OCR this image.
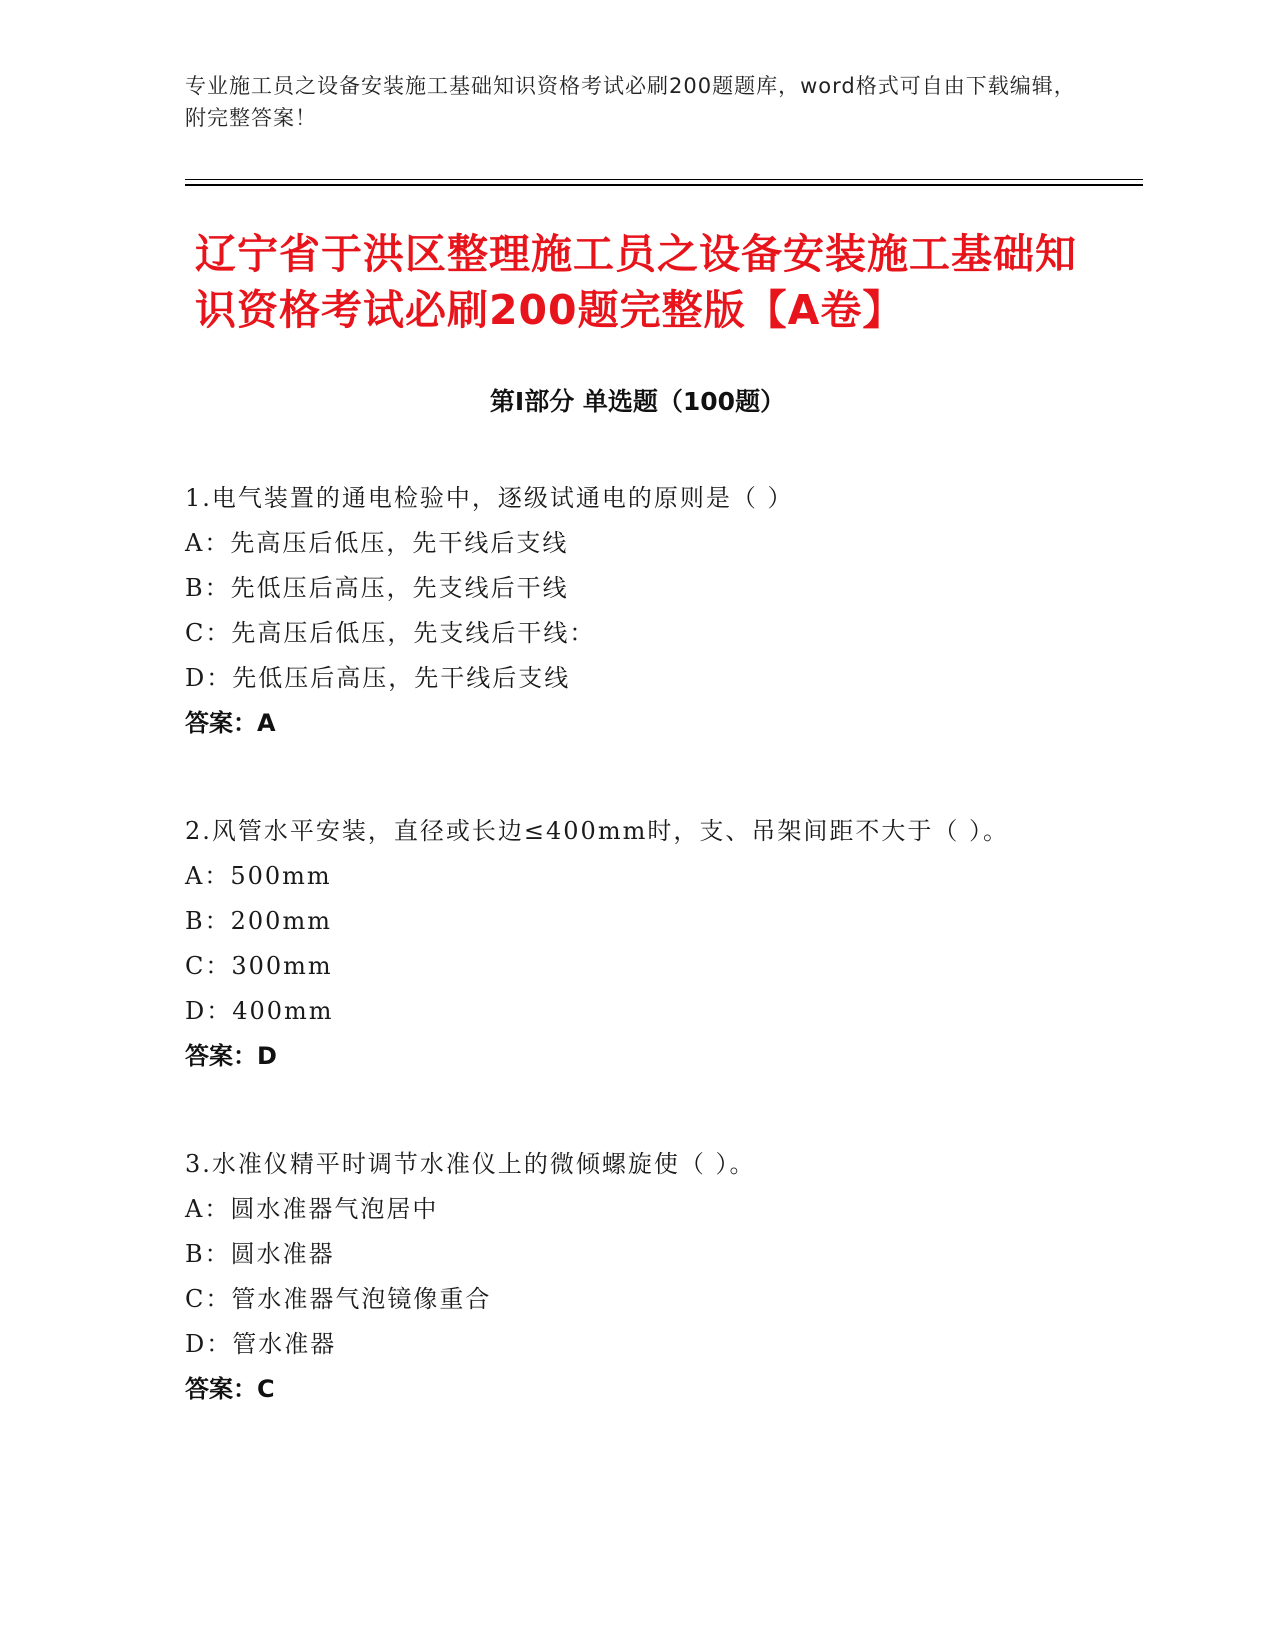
专业施工员之设备安装施工基础知识资格考试必刷200题题库，word格式可自由下载编辑，附完整答案！
辽宁省于洪区整理施工员之设备安装施工基础知识资格考试必刷200题完整版【A卷】
第Ⅰ部分 单选题（100题）
1.电气装置的通电检验中，逐级试通电的原则是（ ）
A：先高压后低压，先干线后支线
B：先低压后高压，先支线后干线
C：先高压后低压，先支线后干线：
D：先低压后高压，先干线后支线
答案：A
2.风管水平安装，直径或长边≤400mm时，支、吊架间距不大于（ ）。
A：500mm
B：200mm
C：300mm
D：400mm
答案：D
3.水准仪精平时调节水准仪上的微倾螺旋使（ ）。
A：圆水准器气泡居中
B：圆水准器
C：管水准器气泡镜像重合
D：管水准器
答案：C
